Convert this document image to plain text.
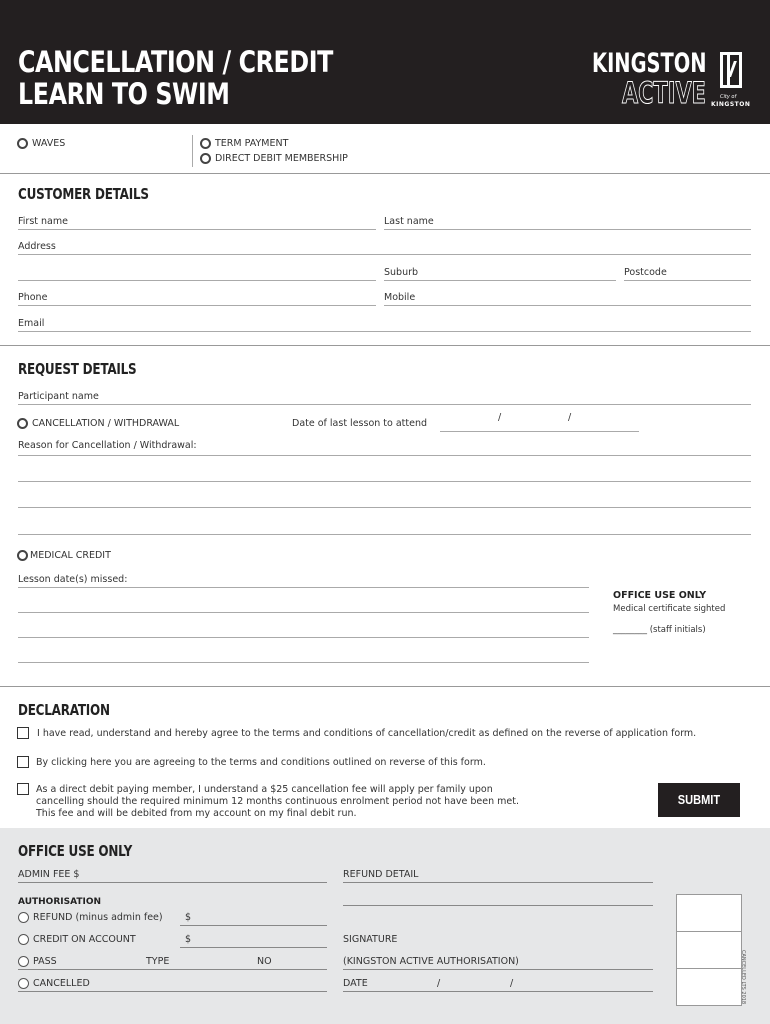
CANCELLATION / CREDIT
LEARN TO SWIM
KINGSTON
ACTIVE	City of
KINGSTON
WAVES	TERM PAYMENT
DIRECT DEBIT MEMBERSHIP
CUSTOMER DETAILS
First name	Last name
Address
Suburb	Postcode
Phone	Mobile
Email
REQUEST DETAILS
Participant name
CANCELLATION / WITHDRAWAL	Date of last lesson to attend
/	/
Reason for Cancellation / Withdrawal:
MEDICAL CREDIT
Lesson date(s) missed:
OFFICE USE ONLY
Medical certificate sighted
________ (staff initials)
DECLARATION
I have read, understand and hereby agree to the terms and conditions of cancellation/credit as defined on the reverse of application form.
By clicking here you are agreeing to the terms and conditions outlined on reverse of this form.
As a direct debit paying member, I understand a $25 cancellation fee will apply per family upon
cancelling should the required minimum 12 months continuous enrolment period not have been met.
This fee and will be debited from my account on my final debit run.
SUBMIT
OFFICE USE ONLY
ADMIN FEE $	REFUND DETAIL
AUTHORISATION
REFUND (minus admin fee) $
CREDIT ON ACCOUNT	$	SIGNATURE
PASS	TYPE	NO	(KINGSTON ACTIVE AUTHORISATION)
CANCELLED	DATE	/	/	CANCELLED LTS 2018
